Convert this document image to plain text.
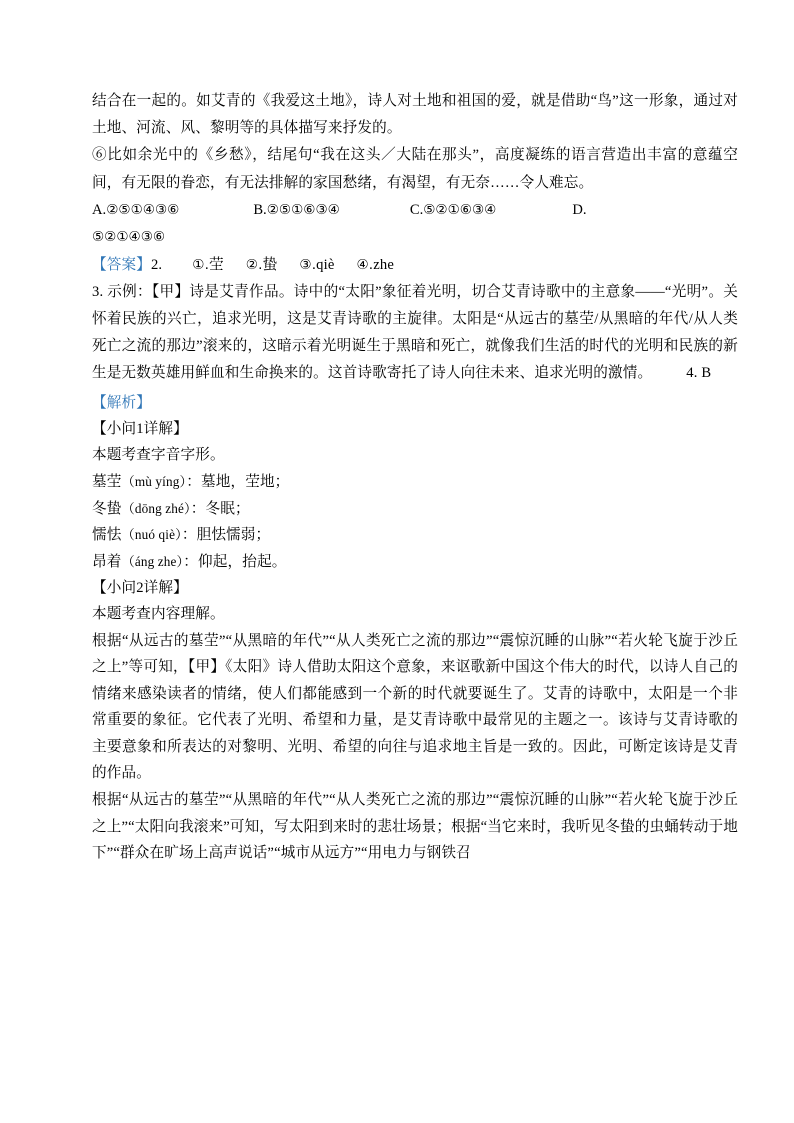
结合在一起的。如艾青的《我爱这土地》，诗人对土地和祖国的爱，就是借助“鸟”这一形象，通过对土地、河流、风、黎明等的具体描写来抒发的。

⑥比如余光中的《乡愁》，结尾句“我在这头／大陆在那头”，高度凝练的语言营造出丰富的意蕴空间，有无限的眷恋，有无法排解的家国愁绪，有渴望，有无奈……令人难忘。

A.②⑤①④③⑥	B.②⑤①⑥③④	C.⑤②①⑥③④	D.
⑤②①④③⑥

【答案】2. ①.茔 ②.蛰 ③.qiè ④.zhe

3. 示例：【甲】诗是艾青作品。诗中的“太阳”象征着光明，切合艾青诗歌中的主意象——“光明”。关怀着民族的兴亡，追求光明，这是艾青诗歌的主旋律。太阳是“从远古的墓茔/从黑暗的年代/从人类死亡之流的那边”滚来的，这暗示着光明诞生于黑暗和死亡，就像我们生活的时代的光明和民族的新生是无数英雄用鲜血和生命换来的。这首诗歌寄托了诗人向往未来、追求光明的激情。 4. B

【解析】

【小问1详解】

本题考查字音字形。

墓茔（mù yíng）：墓地，茔地；

冬蛰（dōng zhé）：冬眠；

懦怯（nuó qiè）：胆怯懦弱；

昂着（áng zhe）：仰起，抬起。

【小问2详解】

本题考查内容理解。

根据“从远古的墓茔”“从黑暗的年代”“从人类死亡之流的那边”“震惊沉睡的山脉”“若火轮飞旋于沙丘之上”等可知，【甲】《太阳》诗人借助太阳这个意象，来讴歌新中国这个伟大的时代，以诗人自己的情绪来感染读者的情绪，使人们都能感到一个新的时代就要诞生了。艾青的诗歌中，太阳是一个非常重要的象征。它代表了光明、希望和力量，是艾青诗歌中最常见的主题之一。该诗与艾青诗歌的主要意象和所表达的对黎明、光明、希望的向往与追求地主旨是一致的。因此，可断定该诗是艾青的作品。

根据“从远古的墓茔”“从黑暗的年代”“从人类死亡之流的那边”“震惊沉睡的山脉”“若火轮飞旋于沙丘之上”“太阳向我滚来”可知，写太阳到来时的悲壮场景；根据“当它来时，我听见冬蛰的虫蛹转动于地下”“群众在旷场上高声说话”“城市从远方”“用电力与钢铁召
